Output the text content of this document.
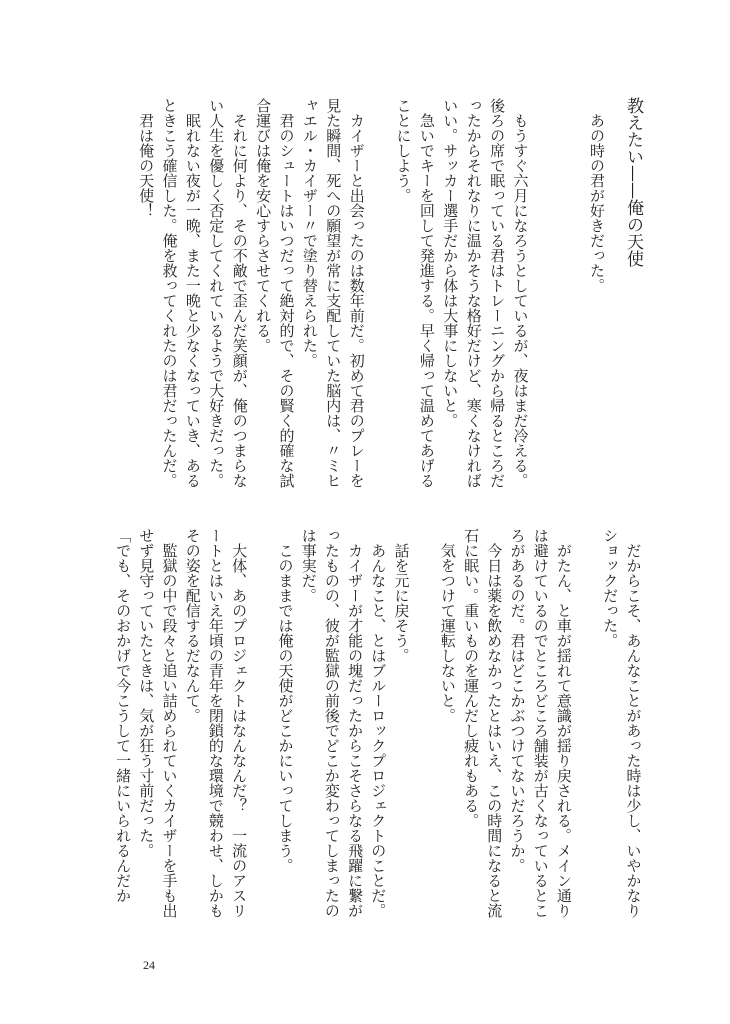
教えたい——俺の天使
　あの時の君が好きだった。
　もうすぐ六月になろうとしているが、夜はまだ冷える。
後ろの席で眠っている君はトレーニングから帰るところだ
ったからそれなりに温かそうな格好だけど、寒くなければ
いい。サッカー選手だから体は大事にしないと。
　急いでキーを回して発進する。早く帰って温めてあげる
ことにしよう。
　カイザーと出会ったのは数年前だ。初めて君のプレーを
見た瞬間、死への願望が常に支配していた脳内は、〃ミヒ
ャエル・カイザー〃で塗り替えられた。
　君のシュートはいつだって絶対的で、その賢く的確な試
合運びは俺を安心すらさせてくれる。
　それに何より、その不敵で歪んだ笑顔が、俺のつまらな
い人生を優しく否定してくれているようで大好きだった。
　眠れない夜が一晩、また一晩と少なくなっていき、ある
ときこう確信した。俺を救ってくれたのは君だったんだ。
　君は俺の天使！
　だからこそ、あんなことがあった時は少し、いやかなり
ショックだった。
　がたん、と車が揺れて意識が揺り戻される。メイン通り
は避けているのでところどころ舗装が古くなっているとこ
ろがあるのだ。君はどこかぶつけてないだろうか。
　今日は薬を飲めなかったとはいえ、この時間になると流
石に眠い。重いものを運んだし疲れもある。
　気をつけて運転しないと。
　話を元に戻そう。
　あんなこと、とはブルーロックプロジェクトのことだ。
　カイザーが才能の塊だったからこそさらなる飛躍に繋が
ったものの、彼が監獄の前後でどこか変わってしまったの
は事実だ。
　このままでは俺の天使がどこかにいってしまう。
　大体、あのプロジェクトはなんなんだ？　一流のアスリ
ートとはいえ年頃の青年を閉鎖的な環境で競わせ、しかも
その姿を配信するだなんて。
　監獄の中で段々と追い詰められていくカイザーを手も出
せず見守っていたときは、気が狂う寸前だった。
「でも、そのおかげで今こうして一緒にいられるんだか
24
